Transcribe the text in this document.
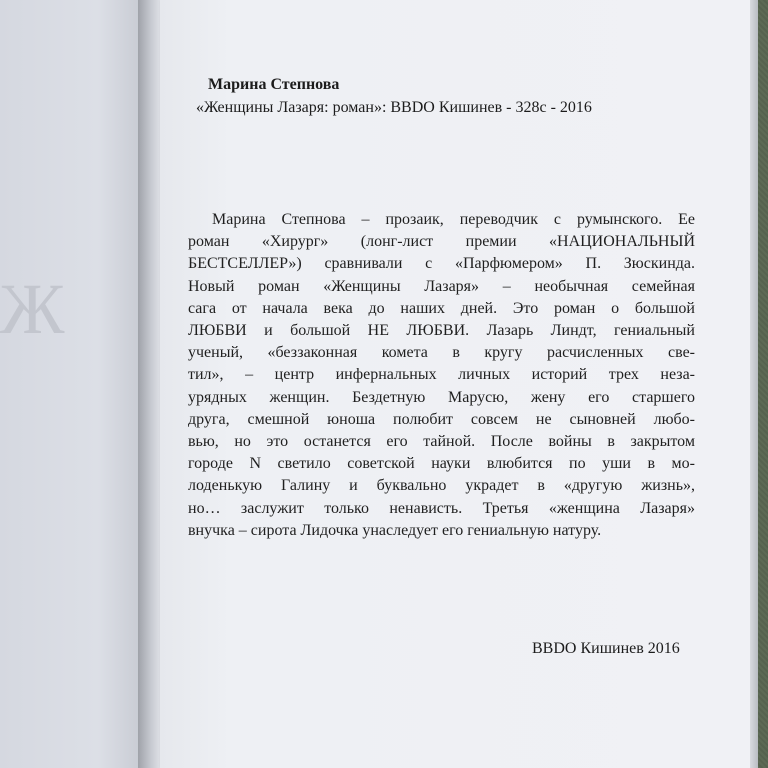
Ж
Марина Степнова
«Женщины Лазаря: роман»: BBDO Кишинев - 328с - 2016
Марина Степнова – прозаик, переводчик с румынского. Ее
роман «Хирург» (лонг-лист премии «НАЦИОНАЛЬНЫЙ
БЕСТСЕЛЛЕР») сравнивали с «Парфюмером» П. Зюскинда.
Новый роман «Женщины Лазаря» – необычная семейная
сага от начала века до наших дней. Это роман о большой
ЛЮБВИ и большой НЕ ЛЮБВИ. Лазарь Линдт, гениальный
ученый, «беззаконная комета в кругу расчисленных све-
тил», – центр инфернальных личных историй трех неза-
урядных женщин. Бездетную Марусю, жену его старшего
друга, смешной юноша полюбит совсем не сыновней любо-
вью, но это останется его тайной. После войны в закрытом
городе N светило советской науки влюбится по уши в мо-
лоденькую Галину и буквально украдет в «другую жизнь»,
но… заслужит только ненависть. Третья «женщина Лазаря»
внучка – сирота Лидочка унаследует его гениальную натуру.
BBDO Кишинев 2016
